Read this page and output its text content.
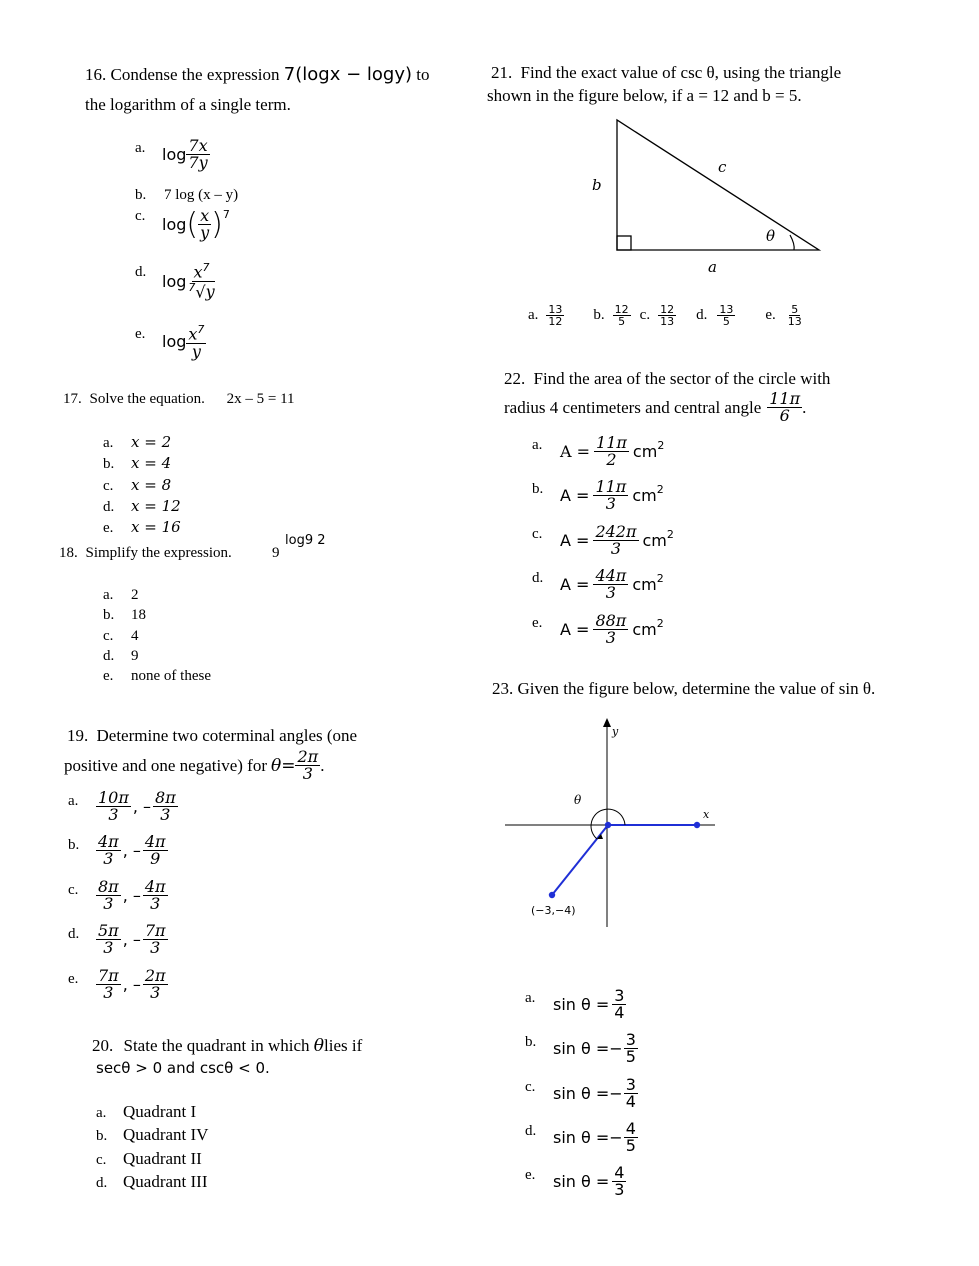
16. Condense the expression 7(logx − logy) to
the logarithm of a single term.
a. $\log \frac{7x}{7y}$
b. 7 log (x – y)
c. log ( $\frac{x}{y} )^7$
d. $\log \frac{x^7}{^7√y}$
e. $\log \frac{x^7}{y}$
17. Solve the equation. 2x – 5 = 11
a. x = 2
b. x = 4
c. x = 8
d. x = 12
e. x = 16
18. Simplify the expression.	9
log9 2
a. 2
b. 18
c. 4
d. 9
e. none of these
19. Determine two coterminal angles (one
positive and one negative) for $\theta= \frac{2\pi}{3}$ .
a. $\frac{10\pi}{3}$ , – $\frac{8\pi}{3}$
b. $\frac{4\pi}{3}$ , – $\frac{4\pi}{9}$
c. $\frac{8\pi}{3}$ , – $\frac{4\pi}{3}$
d. $\frac{5\pi}{3}$ , – $\frac{7\pi}{3}$
e. $\frac{7\pi}{3}$ , – $\frac{2\pi}{3}$
20. State the quadrant in which θlies if
secθ > 0 and cscθ < 0.
a. Quadrant I
b. Quadrant IV
c. Quadrant II
d. Quadrant III
21. Find the exact value of csc θ, using the triangle
shown in the figure below, if a = 12 and b = 5.
b
c
a
θ
a. $\frac{13}{12} b$. $\frac{12}{5} c$. $\frac{12}{13} d$. $\frac{13}{5} e$. $\frac{5}{13}$
22. Find the area of the sector of the circle with
radius 4 centimeters and central angle $\frac{11\pi}{6}$ .
a. $A = \frac{11\pi}{2} cm^2$
b. $A = \frac{11\pi}{3} cm^2$
c. $A = \frac{242\pi}{3} cm^2$
d. $A = \frac{44\pi}{3} cm^2$
e. $A = \frac{88\pi}{3} cm^2$
23. Given the figure below, determine the value of sin θ.
y
x
θ
(−3,−4)
a. $\sin \theta = \frac{3}{4}$
b. sin θ = − $\frac{3}{5}$
c. sin θ = − $\frac{3}{4}$
d. sin θ = − $\frac{4}{5}$
e. $\sin \theta = \frac{4}{3}$
